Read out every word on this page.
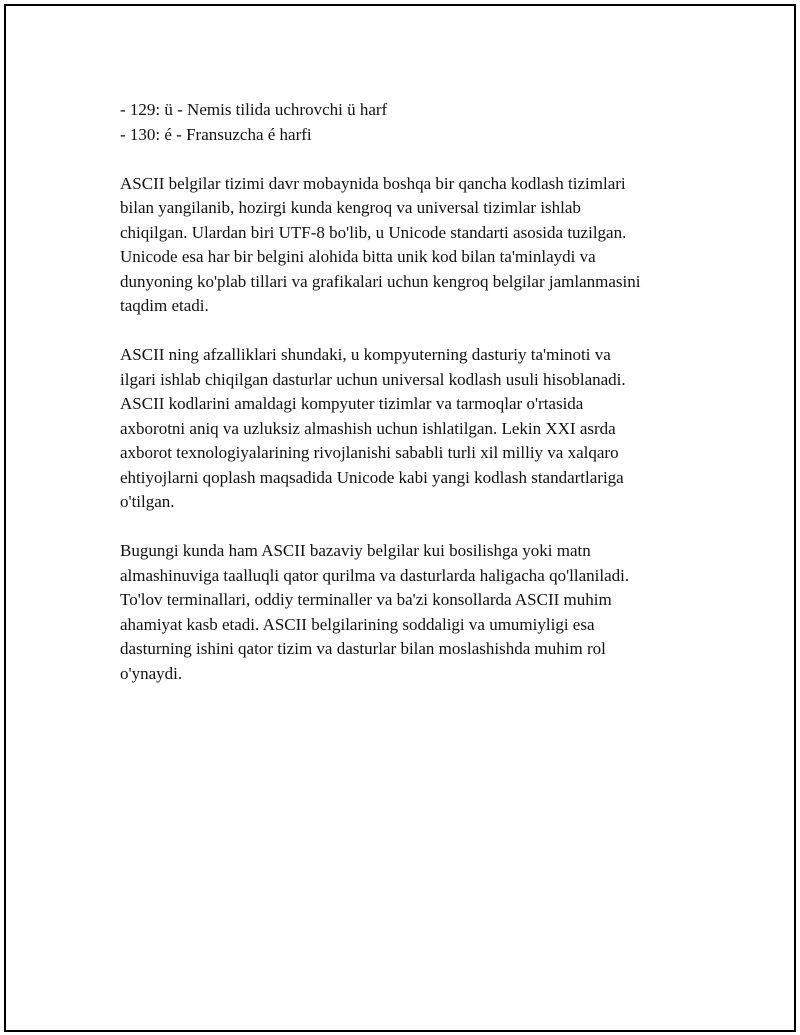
- 129: ü - Nemis tilida uchrovchi ü harf

- 130: é - Fransuzcha é harfi

ASCII belgilar tizimi davr mobaynida boshqa bir qancha kodlash tizimlari
bilan yangilanib, hozirgi kunda kengroq va universal tizimlar ishlab
chiqilgan. Ulardan biri UTF-8 bo'lib, u Unicode standarti asosida tuzilgan.
Unicode esa har bir belgini alohida bitta unik kod bilan ta'minlaydi va
dunyoning ko'plab tillari va grafikalari uchun kengroq belgilar jamlanmasini
taqdim etadi.

ASCII ning afzalliklari shundaki, u kompyuterning dasturiy ta'minoti va
ilgari ishlab chiqilgan dasturlar uchun universal kodlash usuli hisoblanadi.
ASCII kodlarini amaldagi kompyuter tizimlar va tarmoqlar o'rtasida
axborotni aniq va uzluksiz almashish uchun ishlatilgan. Lekin XXI asrda
axborot texnologiyalarining rivojlanishi sababli turli xil milliy va xalqaro
ehtiyojlarni qoplash maqsadida Unicode kabi yangi kodlash standartlariga
o'tilgan.

Bugungi kunda ham ASCII bazaviy belgilar kui bosilishga yoki matn
almashinuviga taalluqli qator qurilma va dasturlarda haligacha qo'llaniladi.
To'lov terminallari, oddiy terminaller va ba'zi konsollarda ASCII muhim
ahamiyat kasb etadi. ASCII belgilarining soddaligi va umumiyligi esa
dasturning ishini qator tizim va dasturlar bilan moslashishda muhim rol
o'ynaydi.
